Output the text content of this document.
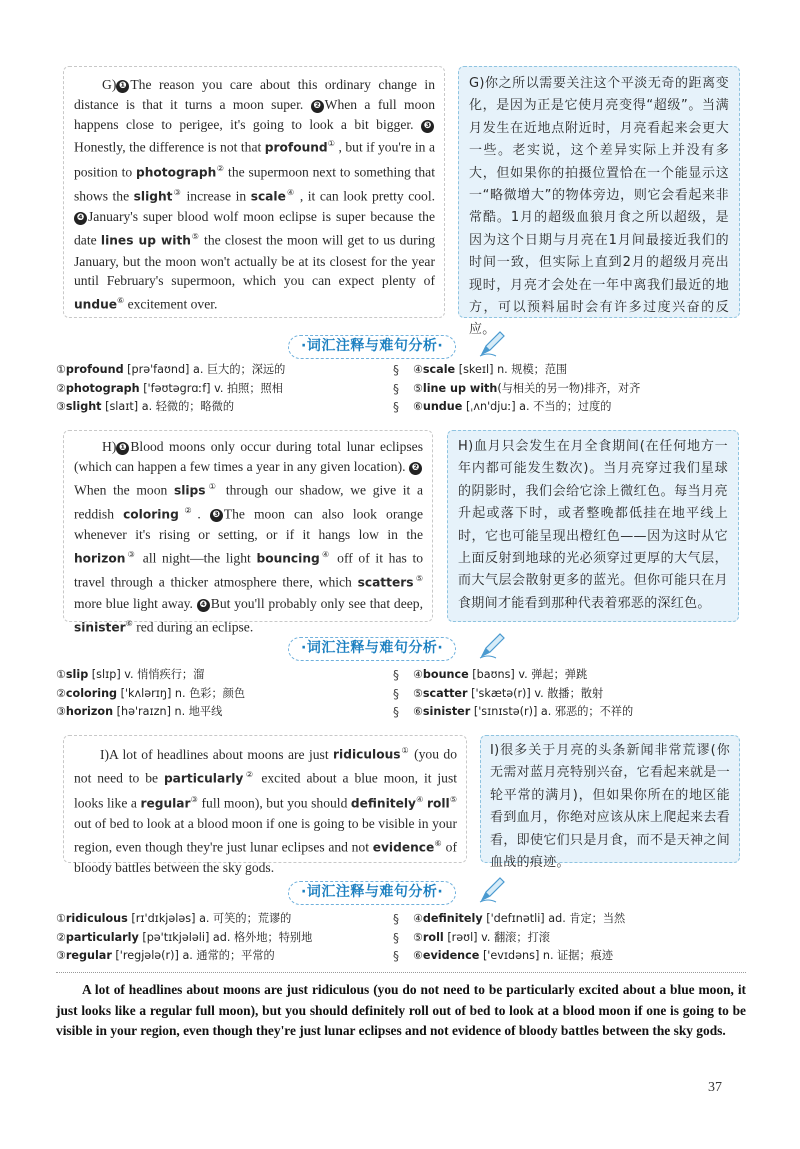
G) ❶ The reason you care about this ordinary change in distance is that it turns a moon super. ❷ When a full moon happens close to perigee, it's going to look a bit bigger. ❸Honestly, the difference is not that profound① , but if you're in a position to photograph② the supermoon next to something that shows the slight③ increase in scale④ , it can look pretty cool. ❹ January's super blood wolf moon eclipse is super because the date lines up with⑤ the closest the moon will get to us during January, but the moon won't actually be at its closest for the year until February's supermoon, which you can expect plenty of undue⑥ excitement over.
G)你之所以需要关注这个平淡无奇的距离变化，是因为正是它使月亮变得“超级”。当满月发生在近地点附近时，月亮看起来会更大一些。老实说，这个差异实际上并没有多大，但如果你的拍摄位置恰在一个能显示这一“略微增大”的物体旁边，则它会看起来非常酷。1月的超级血狼月食之所以超级，是因为这个日期与月亮在1月间最接近我们的时间一致，但实际上直到2月的超级月亮出现时，月亮才会处在一年中离我们最近的地方，可以预料届时会有许多过度兴奋的反应。
·词汇注释与难句分析·
①profound [prə'faʊnd] a. 巨大的；深远的
②photograph ['fəʊtəgrɑːf] v. 拍照；照相
③slight [slaɪt] a. 轻微的；略微的
§
§
§
④scale [skeɪl] n. 规模；范围
⑤line up with(与相关的另一物)排齐，对齐
⑥undue [ˌʌn'djuː] a. 不当的；过度的
H) ❶ Blood moons only occur during total lunar eclipses (which can happen a few times a year in any given location). ❷When the moon slips① through our shadow, we give it a reddish coloring②. ❸ The moon can also look orange whenever it's rising or setting, or if it hangs low in the horizon③ all night—the light bouncing④ off of it has to travel through a thicker atmosphere there, which scatters⑤ more blue light away. ❹ But you'll probably only see that deep, sinister⑥ red during an eclipse.
H)血月只会发生在月全食期间(在任何地方一年内都可能发生数次)。当月亮穿过我们星球的阴影时，我们会给它涂上微红色。每当月亮升起或落下时，或者整晚都低挂在地平线上时，它也可能呈现出橙红色——因为这时从它上面反射到地球的光必须穿过更厚的大气层，而大气层会散射更多的蓝光。但你可能只在月食期间才能看到那种代表着邪恶的深红色。
·词汇注释与难句分析·
①slip [slɪp] v. 悄悄疾行；溜
②coloring ['kʌlərɪŋ] n. 色彩；颜色
③horizon [hə'raɪzn] n. 地平线
§
§
§
④bounce [baʊns] v. 弹起；弹跳
⑤scatter ['skætə(r)] v. 散播；散射
⑥sinister ['sɪnɪstə(r)] a. 邪恶的；不祥的
I)A lot of headlines about moons are just ridiculous① (you do not need to be particularly② excited about a blue moon, it just looks like a regular③ full moon), but you should definitely④ roll⑤ out of bed to look at a blood moon if one is going to be visible in your region, even though they're just lunar eclipses and not evidence⑥ of bloody battles between the sky gods.
I)很多关于月亮的头条新闻非常荒谬(你无需对蓝月亮特别兴奋，它看起来就是一轮平常的满月)，但如果你所在的地区能看到血月，你绝对应该从床上爬起来去看看，即使它们只是月食，而不是天神之间血战的痕迹。
·词汇注释与难句分析·
①ridiculous [rɪ'dɪkjələs] a. 可笑的；荒谬的
②particularly [pə'tɪkjələli] ad. 格外地；特别地
③regular ['regjələ(r)] a. 通常的；平常的
§
§
§
④definitely ['defɪnətli] ad. 肯定；当然
⑤roll [rəʊl] v. 翻滚；打滚
⑥evidence ['evɪdəns] n. 证据；痕迹
A lot of headlines about moons are just ridiculous (you do not need to be particularly excited about a blue moon, it just looks like a regular full moon), but you should definitely roll out of bed to look at a blood moon if one is going to be visible in your region, even though they're just lunar eclipses and not evidence of bloody battles between the sky gods.
37
